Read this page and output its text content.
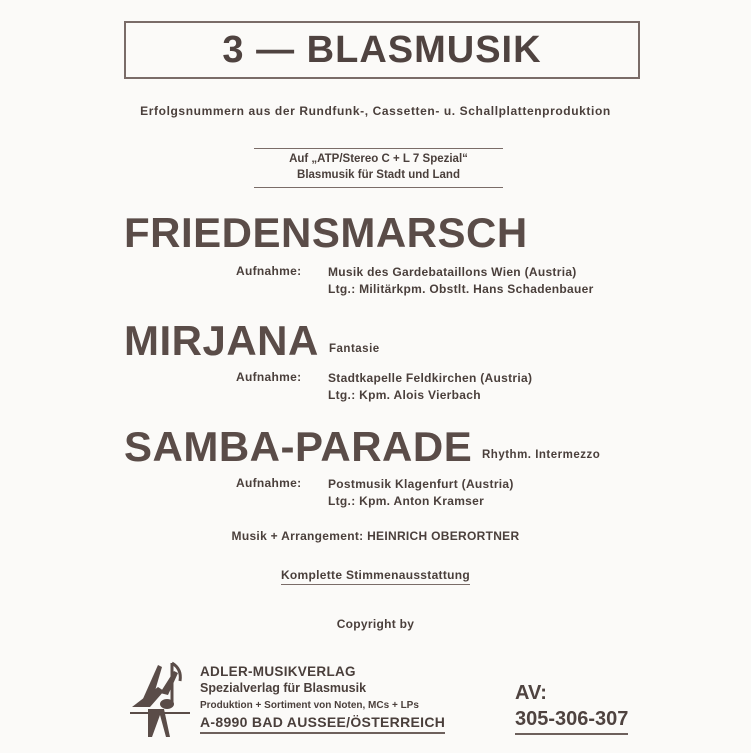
3 — BLASMUSIK
Erfolgsnummern aus der Rundfunk-, Cassetten- u. Schallplattenproduktion
Auf „ATP/Stereo C + L 7 Spezial“
Blasmusik für Stadt und Land
FRIEDENSMARSCH
Aufnahme: Musik des Gardebataillons Wien (Austria)
Ltg.: Militärkpm. Obstlt. Hans Schadenbauer
MIRJANA Fantasie
Aufnahme: Stadtkapelle Feldkirchen (Austria)
Ltg.: Kpm. Alois Vierbach
SAMBA-PARADE Rhythm. Intermezzo
Aufnahme: Postmusik Klagenfurt (Austria)
Ltg.: Kpm. Anton Kramser
Musik + Arrangement: HEINRICH OBERORTNER
Komplette Stimmenausstattung
Copyright by
ADLER-MUSIKVERLAG
Spezialverlag für Blasmusik
Produktion + Sortiment von Noten, MCs + LPs
A-8990 BAD AUSSEE/ÖSTERREICH
AV:
305-306-307
